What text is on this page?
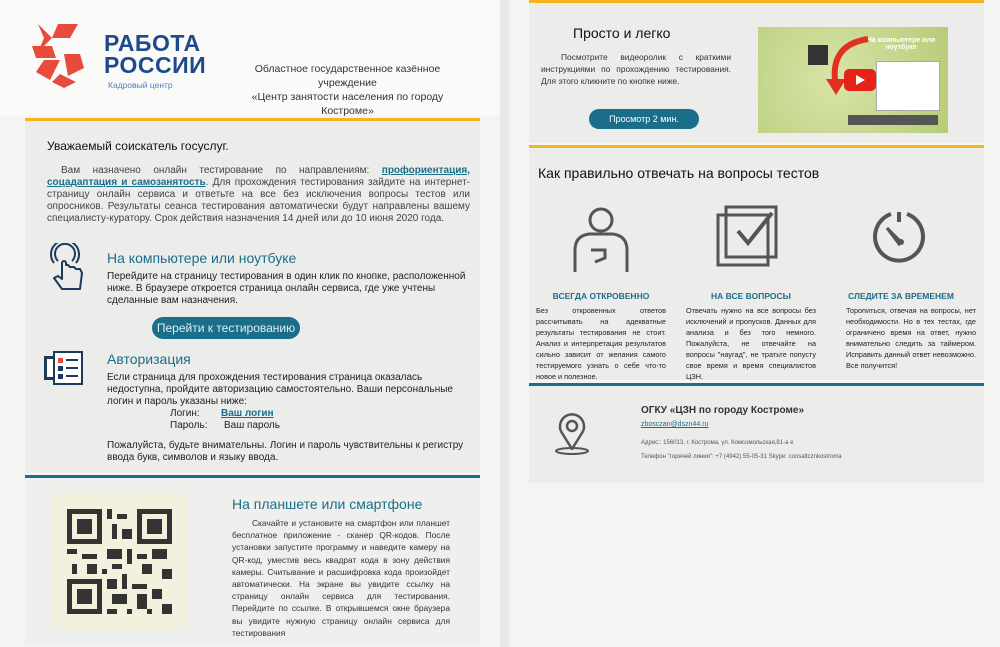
РАБОТА
РОССИИ
Кадровый центр
Областное государственное казённое учреждение
«Центр занятости населения по городу Костроме»
Уважаемый соискатель госуслуг.
Вам назначено онлайн тестирование по направлениям: профориентация, соцадаптация и самозанятость. Для прохождения тестирования зайдите на интернет-страницу онлайн сервиса и ответьте на все без исключения вопросы тестов или опросников. Результаты сеанса тестирования автоматически будут направлены вашему специалисту-куратору. Срок действия назначения 14 дней или до 10 июня 2020 года.
На компьютере или ноутбуке
Перейдите на страницу тестирования в один клик по кнопке, расположенной ниже. В браузере откроется страница онлайн сервиса, где уже учтены сделанные вам назначения.
Перейти к тестированию
Авторизация
Если страница для прохождения тестирования страница оказалась недоступна, пройдите авторизацию самостоятельно. Ваши персональные логин и пароль указаны ниже:
Логин: Ваш логин
Пароль: Ваш пароль
Пожалуйста, будьте внимательны. Логин и пароль чувствительны к регистру ввода букв, символов и языку ввода.
На планшете или смартфоне
Скачайте и установите на смартфон или планшет бесплатное приложение - сканер QR-кодов. После установки запустите программу и наведите камеру на QR-код, уместив весь квадрат кода в зону действия камеры. Считывание и расшифровка кода произойдет автоматически. На экране вы увидите ссылку на страницу онлайн сервиса для тестирования. Перейдите по ссылке. В открывшемся окне браузера вы увидите нужную страницу онлайн сервиса для тестирования
Просто и легко
Посмотрите видеоролик с краткими инструкциями по прохождению тестирования. Для этого кликните по кнопке ниже.
Просмотр 2 мин.
На компьютере или ноутбуке
Как правильно отвечать на вопросы тестов
ВСЕГДА ОТКРОВЕННО
Без откровенных ответов рассчитывать на адекватные результаты тестирования не стоит. Анализ и интерпретация результатов сильно зависит от желания самого тестируемого узнать о себе что-то новое и полезное.
НА ВСЕ ВОПРОСЫ
Отвечать нужно на все вопросы без исключений и пропусков. Данных для анализа и без того немного. Пожалуйста, не отвечайте на вопросы "наугад", не тратьте попусту свое время и время специалистов ЦЗН.
СЛЕДИТЕ ЗА ВРЕМЕНЕМ
Торопиться, отвечая на вопросы, нет необходимости. Но в тех тестах, где ограничено время на ответ, нужно внимательно следить за таймером. Исправить данный ответ невозможно. Все получится!
ОГКУ «ЦЗН по городу Костроме»
zbosczan@dszn44.ru
Адрес:: 156013, г. Кострома, ул. Комсомольская,81-а е
Телефон "горячей линии": +7 (4942) 55-05-31 Skype: consaltcznkostroma
